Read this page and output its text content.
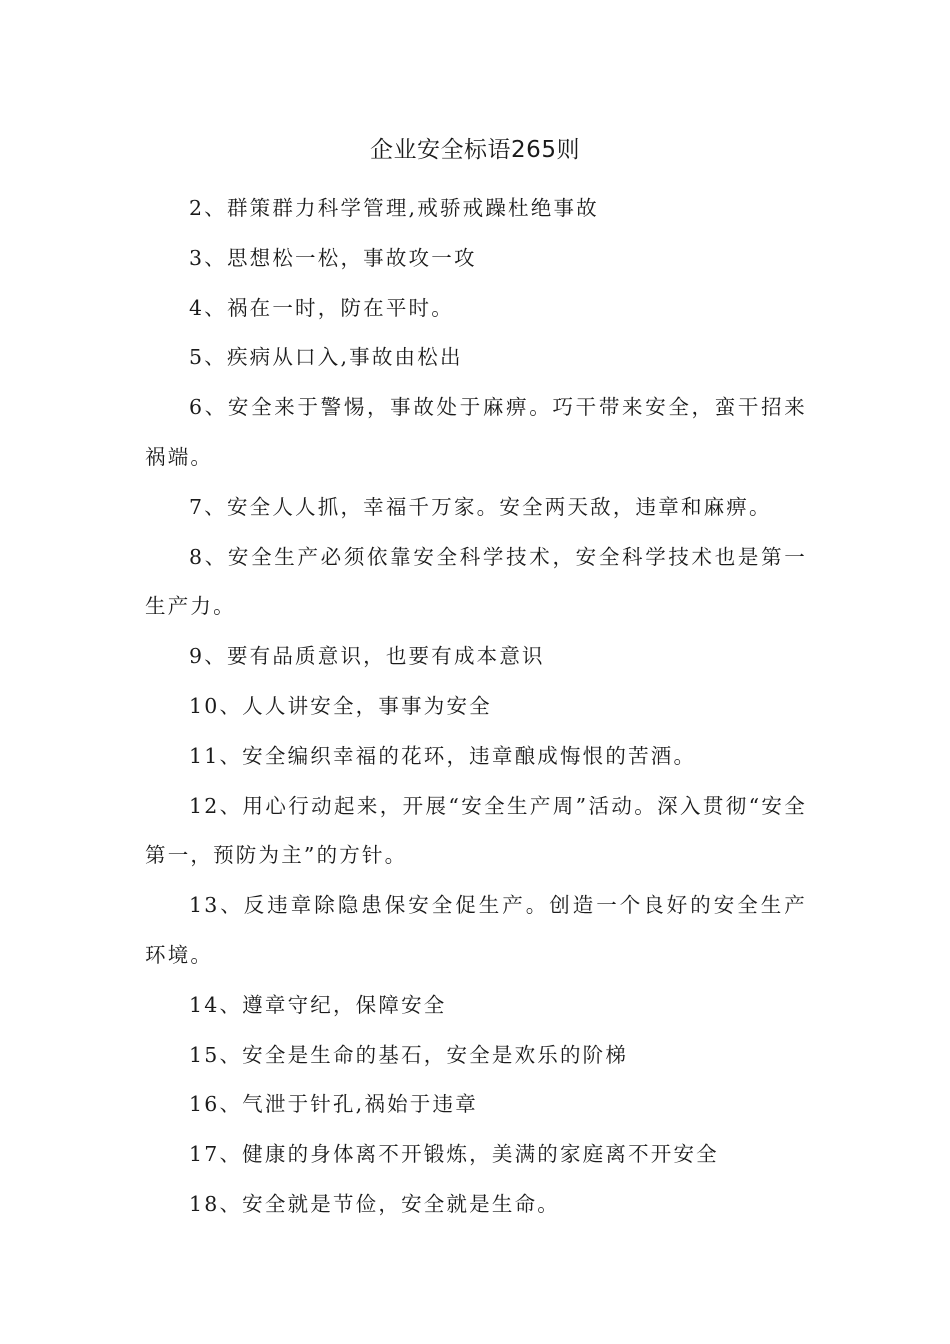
企业安全标语265则

2、群策群力科学管理,戒骄戒躁杜绝事故

3、思想松一松，事故攻一攻

4、祸在一时，防在平时。

5、疾病从口入,事故由松出

6、安全来于警惕，事故处于麻痹。巧干带来安全，蛮干招来祸端。

7、安全人人抓，幸福千万家。安全两天敌，违章和麻痹。

8、安全生产必须依靠安全科学技术，安全科学技术也是第一生产力。

9、要有品质意识，也要有成本意识

10、人人讲安全，事事为安全

11、安全编织幸福的花环，违章酿成悔恨的苦酒。

12、用心行动起来，开展“安全生产周”活动。深入贯彻“安全第一，预防为主”的方针。

13、反违章除隐患保安全促生产。创造一个良好的安全生产环境。

14、遵章守纪，保障安全

15、安全是生命的基石，安全是欢乐的阶梯

16、气泄于针孔,祸始于违章

17、健康的身体离不开锻炼，美满的家庭离不开安全

18、安全就是节俭，安全就是生命。
